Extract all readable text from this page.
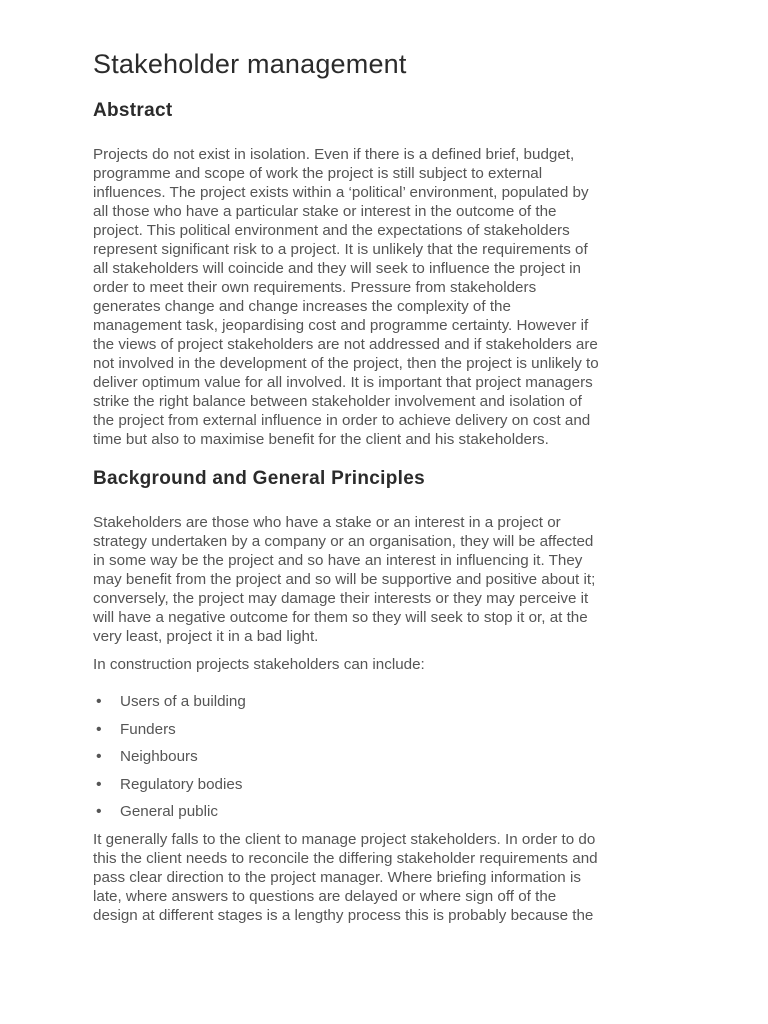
Stakeholder management
Abstract

Projects do not exist in isolation. Even if there is a defined brief, budget,
programme and scope of work the project is still subject to external
influences. The project exists within a ‘political’ environment, populated by
all those who have a particular stake or interest in the outcome of the
project. This political environment and the expectations of stakeholders
represent significant risk to a project. It is unlikely that the requirements of
all stakeholders will coincide and they will seek to influence the project in
order to meet their own requirements. Pressure from stakeholders
generates change and change increases the complexity of the
management task, jeopardising cost and programme certainty. However if
the views of project stakeholders are not addressed and if stakeholders are
not involved in the development of the project, then the project is unlikely to
deliver optimum value for all involved. It is important that project managers
strike the right balance between stakeholder involvement and isolation of
the project from external influence in order to achieve delivery on cost and
time but also to maximise benefit for the client and his stakeholders.

Background and General Principles

Stakeholders are those who have a stake or an interest in a project or
strategy undertaken by a company or an organisation, they will be affected
in some way be the project and so have an interest in influencing it. They
may benefit from the project and so will be supportive and positive about it;
conversely, the project may damage their interests or they may perceive it
will have a negative outcome for them so they will seek to stop it or, at the
very least, project it in a bad light.

In construction projects stakeholders can include:

• Users of a building
• Funders
• Neighbours
• Regulatory bodies
• General public

It generally falls to the client to manage project stakeholders. In order to do
this the client needs to reconcile the differing stakeholder requirements and
pass clear direction to the project manager. Where briefing information is
late, where answers to questions are delayed or where sign off of the
design at different stages is a lengthy process this is probably because the
